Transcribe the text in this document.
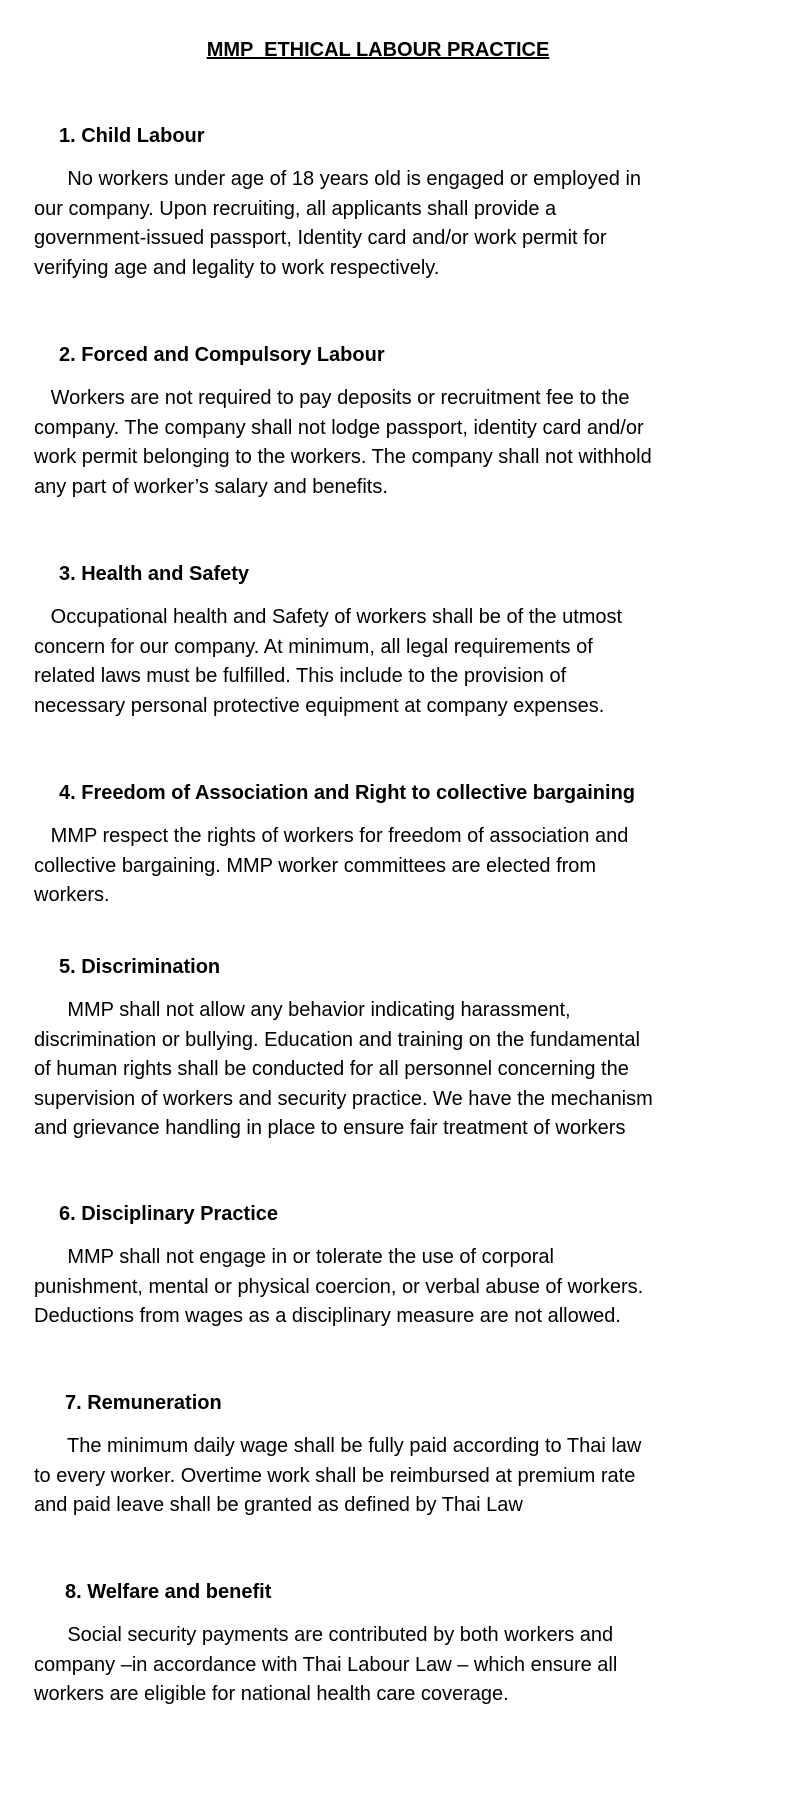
MMP  ETHICAL LABOUR PRACTICE
1. Child Labour
No workers under age of 18 years old is engaged or employed in
our company. Upon recruiting, all applicants shall provide a
government-issued passport, Identity card and/or work permit for
verifying age and legality to work respectively.
2. Forced and Compulsory Labour
Workers are not required to pay deposits or recruitment fee to the
company. The company shall not lodge passport, identity card and/or
work permit belonging to the workers. The company shall not withhold
any part of worker’s salary and benefits.
3. Health and Safety
Occupational health and Safety of workers shall be of the utmost
concern for our company. At minimum, all legal requirements of
related laws must be fulfilled. This include to the provision of
necessary personal protective equipment at company expenses.
4. Freedom of Association and Right to collective bargaining
MMP respect the rights of workers for freedom of association and
collective bargaining. MMP worker committees are elected from
workers.
5. Discrimination
MMP shall not allow any behavior indicating harassment,
discrimination or bullying. Education and training on the fundamental
of human rights shall be conducted for all personnel concerning the
supervision of workers and security practice. We have the mechanism
and grievance handling in place to ensure fair treatment of workers
6. Disciplinary Practice
MMP shall not engage in or tolerate the use of corporal
punishment, mental or physical coercion, or verbal abuse of workers.
Deductions from wages as a disciplinary measure are not allowed.
7. Remuneration
The minimum daily wage shall be fully paid according to Thai law
to every worker. Overtime work shall be reimbursed at premium rate
and paid leave shall be granted as defined by Thai Law
8. Welfare and benefit
Social security payments are contributed by both workers and
company –in accordance with Thai Labour Law – which ensure all
workers are eligible for national health care coverage.
